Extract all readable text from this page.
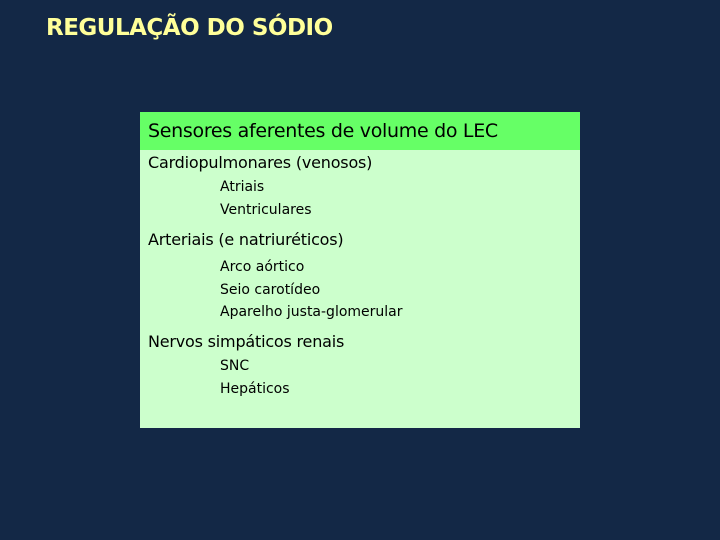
REGULAÇÃO DO SÓDIO
Sensores aferentes de volume do LEC
Cardiopulmonares (venosos)
Atriais
Ventriculares
Arteriais (e natriuréticos)
Arco aórtico
Seio carotídeo
Aparelho justa-glomerular
Nervos simpáticos renais
SNC
Hepáticos
